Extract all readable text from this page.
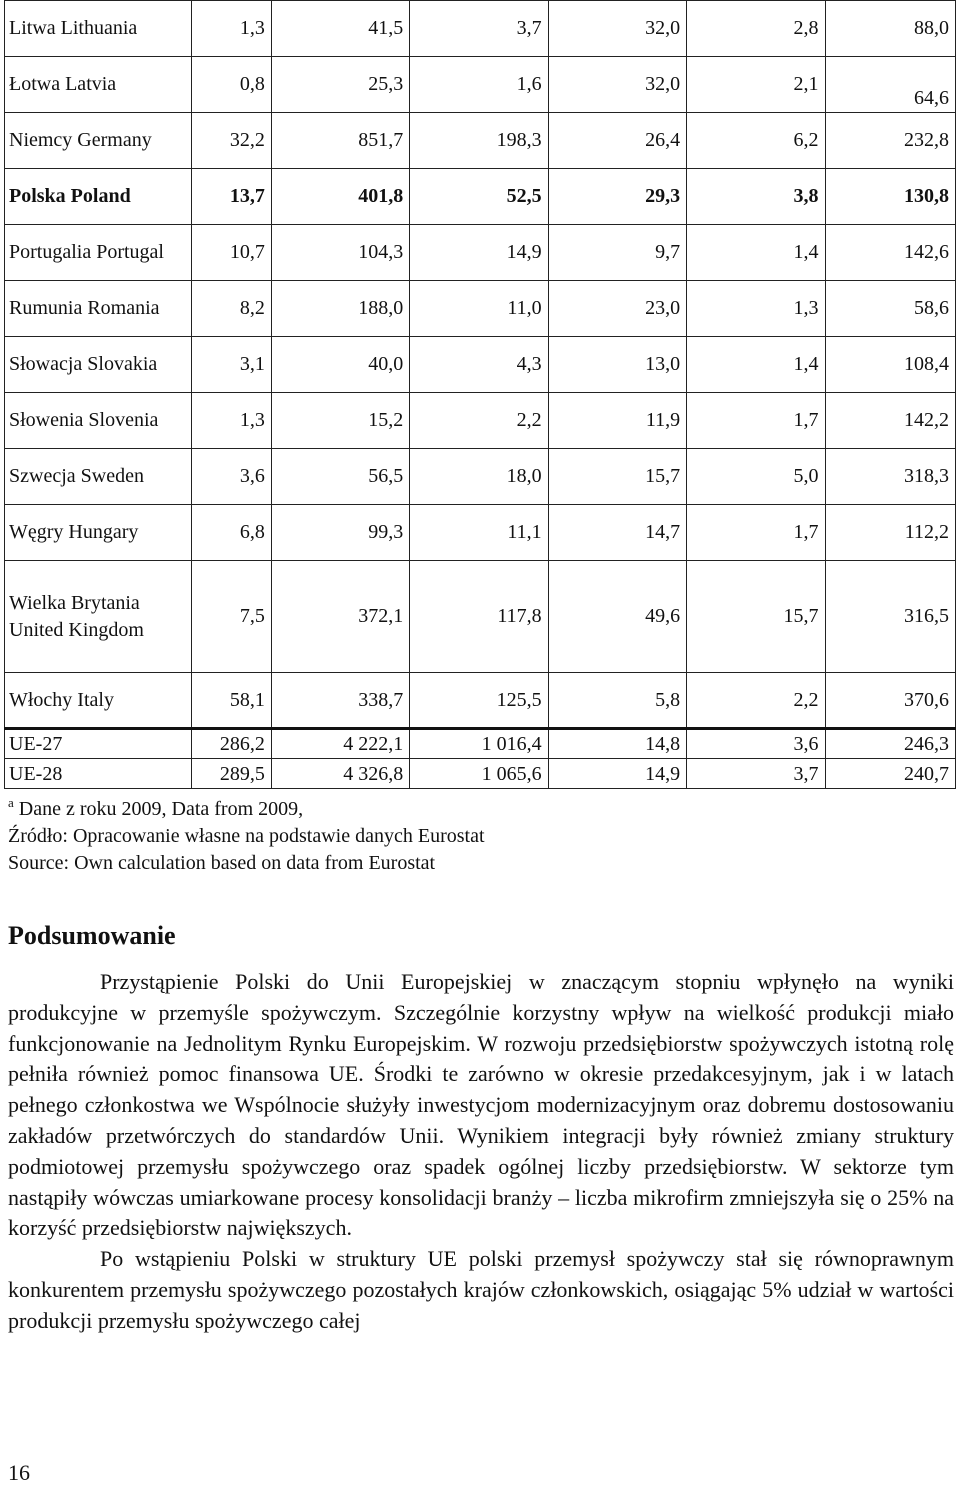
Litwa Lithuania	1,3	41,5	3,7	32,0	2,8	88,0
Łotwa Latvia	0,8	25,3	1,6	32,0	2,1	64,6
Niemcy Germany	32,2	851,7	198,3	26,4	6,2	232,8
Polska Poland	13,7	401,8	52,5	29,3	3,8	130,8
Portugalia Portugal	10,7	104,3	14,9	9,7	1,4	142,6
Rumunia Romania	8,2	188,0	11,0	23,0	1,3	58,6
Słowacja Slovakia	3,1	40,0	4,3	13,0	1,4	108,4
Słowenia Slovenia	1,3	15,2	2,2	11,9	1,7	142,2
Szwecja Sweden	3,6	56,5	18,0	15,7	5,0	318,3
Węgry Hungary	6,8	99,3	11,1	14,7	1,7	112,2
Wielka Brytania United Kingdom	7,5	372,1	117,8	49,6	15,7	316,5
Włochy Italy	58,1	338,7	125,5	5,8	2,2	370,6
UE-27	286,2	4 222,1	1 016,4	14,8	3,6	246,3
UE-28	289,5	4 326,8	1 065,6	14,9	3,7	240,7
$^a$ Dane z roku 2009, Data from 2009,
Źródło: Opracowanie własne na podstawie danych Eurostat
Source: Own calculation based on data from Eurostat
Podsumowanie

Przystąpienie Polski do Unii Europejskiej w znaczącym stopniu wpłynęło na wyniki produkcyjne w przemyśle spożywczym. Szczególnie korzystny wpływ na wielkość produkcji miało funkcjonowanie na Jednolitym Rynku Europejskim. W rozwoju przedsiębiorstw spożywczych istotną rolę pełniła również pomoc finansowa UE. Środki te zarówno w okresie przedakcesyjnym, jak i w latach pełnego członkostwa we Wspólnocie służyły inwestycjom modernizacyjnym oraz dobremu dostosowaniu zakładów przetwórczych do standardów Unii. Wynikiem integracji były również zmiany struktury podmiotowej przemysłu spożywczego oraz spadek ogólnej liczby przedsiębiorstw. W sektorze tym nastąpiły wówczas umiarkowane procesy konsolidacji branży – liczba mikrofirm zmniejszyła się o 25% na korzyść przedsiębiorstw największych.

Po wstąpieniu Polski w struktury UE polski przemysł spożywczy stał się równoprawnym konkurentem przemysłu spożywczego pozostałych krajów członkowskich, osiągając 5% udział w wartości produkcji przemysłu spożywczego całej

16
